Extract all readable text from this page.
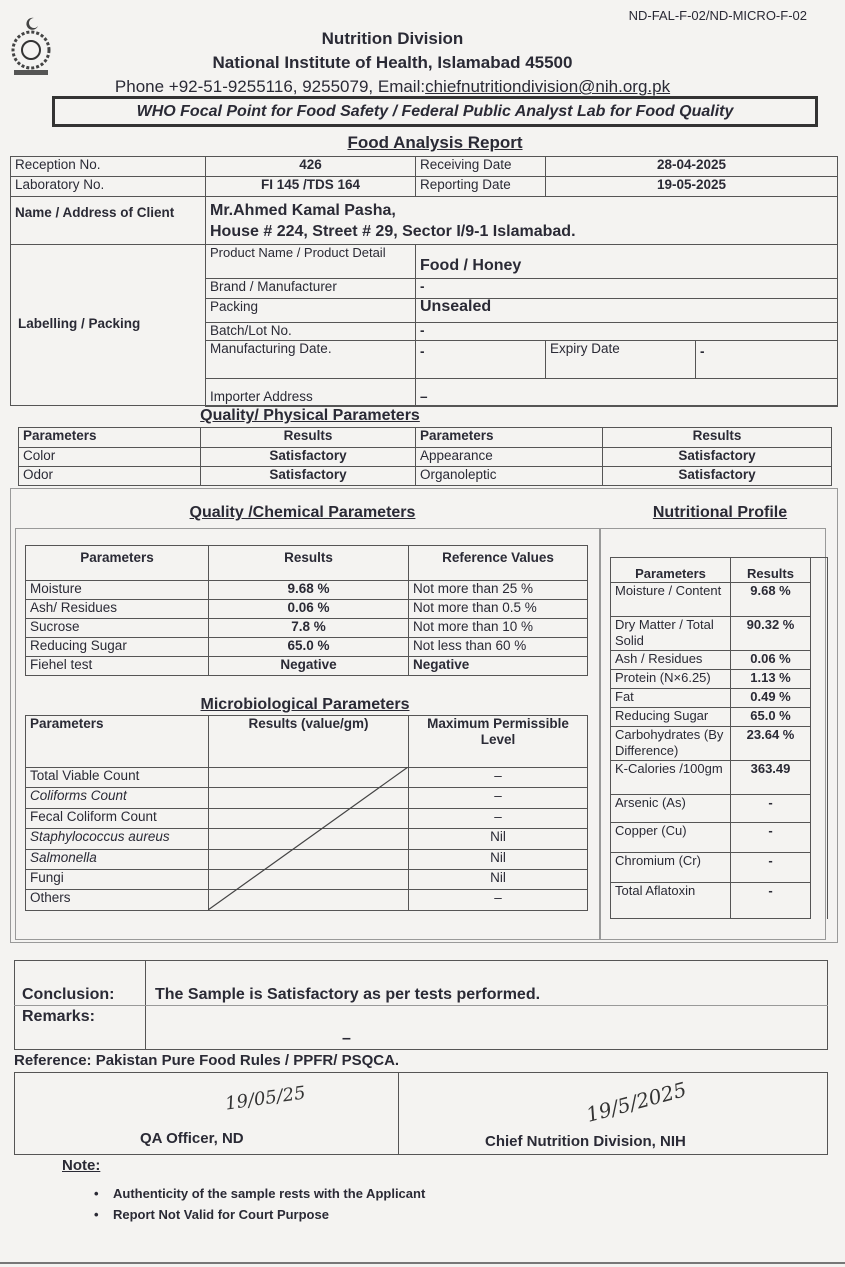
ND-FAL-F-02/ND-MICRO-F-02
Nutrition Division
National Institute of Health, Islamabad 45500
Phone +92-51-9255116, 9255079, Email:chiefnutritiondivision@nih.org.pk
WHO Focal Point for Food Safety / Federal Public Analyst Lab for Food Quality
Food Analysis Report
Reception No.	426	Receiving Date	28-04-2025
Laboratory No.	FI 145 /TDS 164	Reporting Date	19-05-2025
Name / Address of Client	Mr.Ahmed Kamal Pasha,
House # 224, Street # 29, Sector I/9-1 Islamabad.		
Labelling / Packing
Product Name / Product Detail	Food / Honey		
Brand / Manufacturer	-		
Packing	Unsealed		
Batch/Lot No.	-		
Manufacturing Date.	-	Expiry Date	-
Importer Address	–		
Quality/ Physical Parameters
Parameters	Results	Parameters	Results
Color	Satisfactory	Appearance	Satisfactory
Odor	Satisfactory	Organoleptic	Satisfactory
Quality /Chemical Parameters	Nutritional Profile
Parameters	Results	Reference Values
Moisture	9.68 %	Not more than 25 %
Ash/ Residues	0.06 %	Not more than 0.5 %
Sucrose	7.8 %	Not more than 10 %
Reducing Sugar	65.0 %	Not less than 60 %
Fiehel test	Negative	Negative
Microbiological Parameters
Parameters	Results (value/gm)	Maximum Permissible Level
Total Viable Count		–
Coliforms Count		–
Fecal Coliform Count		–
Staphylococcus aureus		Nil
Salmonella		Nil
Fungi		Nil
Others		–
Parameters	Results	
Moisture / Content	9.68 %	
Dry Matter / Total Solid	90.32 %	
Ash / Residues	0.06 %	
Protein (N×6.25)	1.13 %	
Fat	0.49 %	
Reducing Sugar	65.0 %	
Carbohydrates (By Difference)	23.64 %	
K-Calories /100gm	363.49	
Arsenic (As)	-	
Copper (Cu)	-	
Chromium (Cr)	-	
Total Aflatoxin	-	
Conclusion:	The Sample is Satisfactory as per tests performed.
Remarks:
–
Reference: Pakistan Pure Food Rules / PPFR/ PSQCA.
19/05/25
QA Officer, ND
19/5/2025
Chief Nutrition Division, NIH
Note:
•    Authenticity of the sample rests with the Applicant
•    Report Not Valid for Court Purpose
